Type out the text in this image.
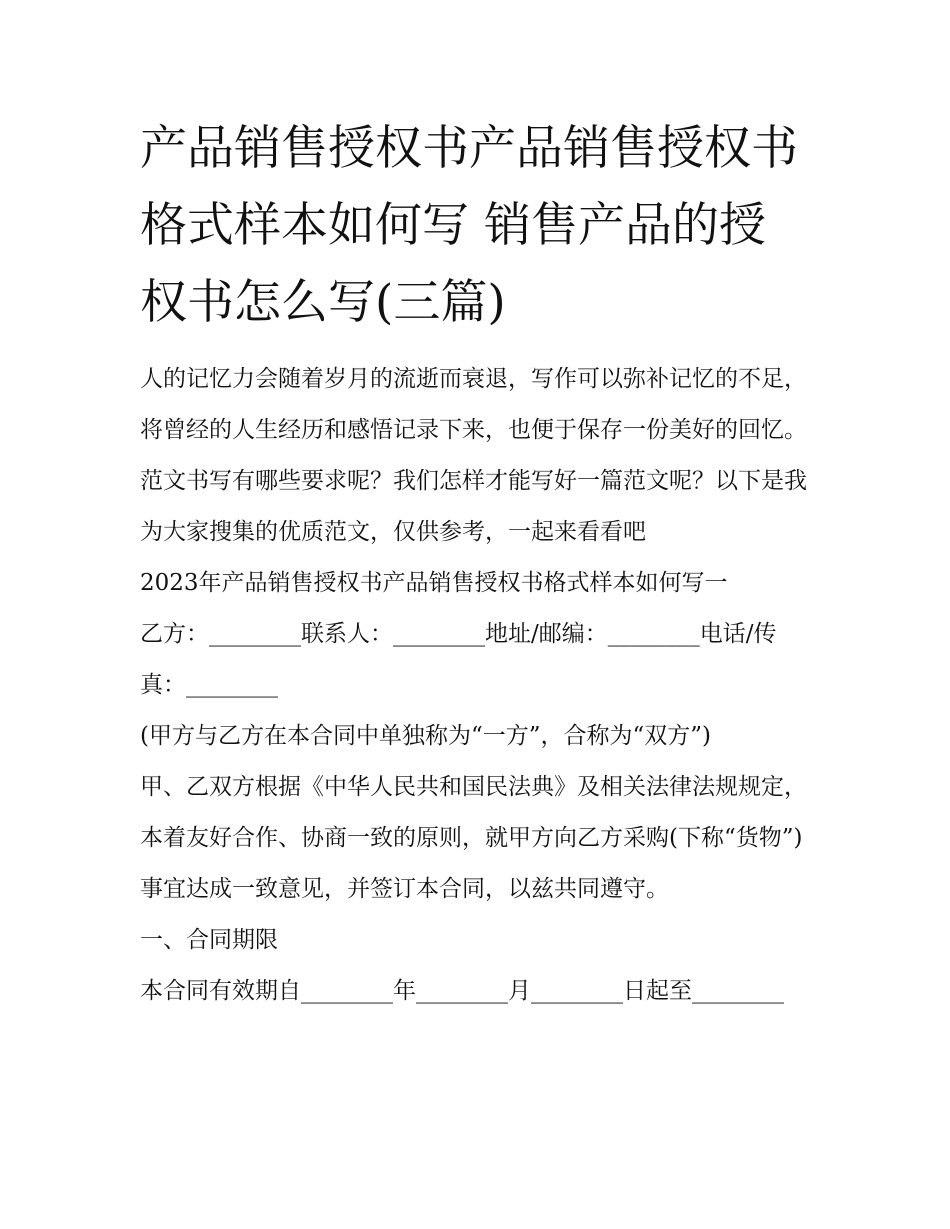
产品销售授权书产品销售授权书格式样本如何写 销售产品的授权书怎么写(三篇)

人的记忆力会随着岁月的流逝而衰退，写作可以弥补记忆的不足，将曾经的人生经历和感悟记录下来，也便于保存一份美好的回忆。范文书写有哪些要求呢？我们怎样才能写好一篇范文呢？以下是我为大家搜集的优质范文，仅供参考，一起来看看吧

2023年产品销售授权书产品销售授权书格式样本如何写一

乙方：________联系人：________地址/邮编：________电话/传真：________

(甲方与乙方在本合同中单独称为“一方”，合称为“双方”)

甲、乙双方根据《中华人民共和国民法典》及相关法律法规规定，本着友好合作、协商一致的原则，就甲方向乙方采购(下称“货物”)事宜达成一致意见，并签订本合同，以兹共同遵守。

一、合同期限

本合同有效期自________年________月________日起至________
